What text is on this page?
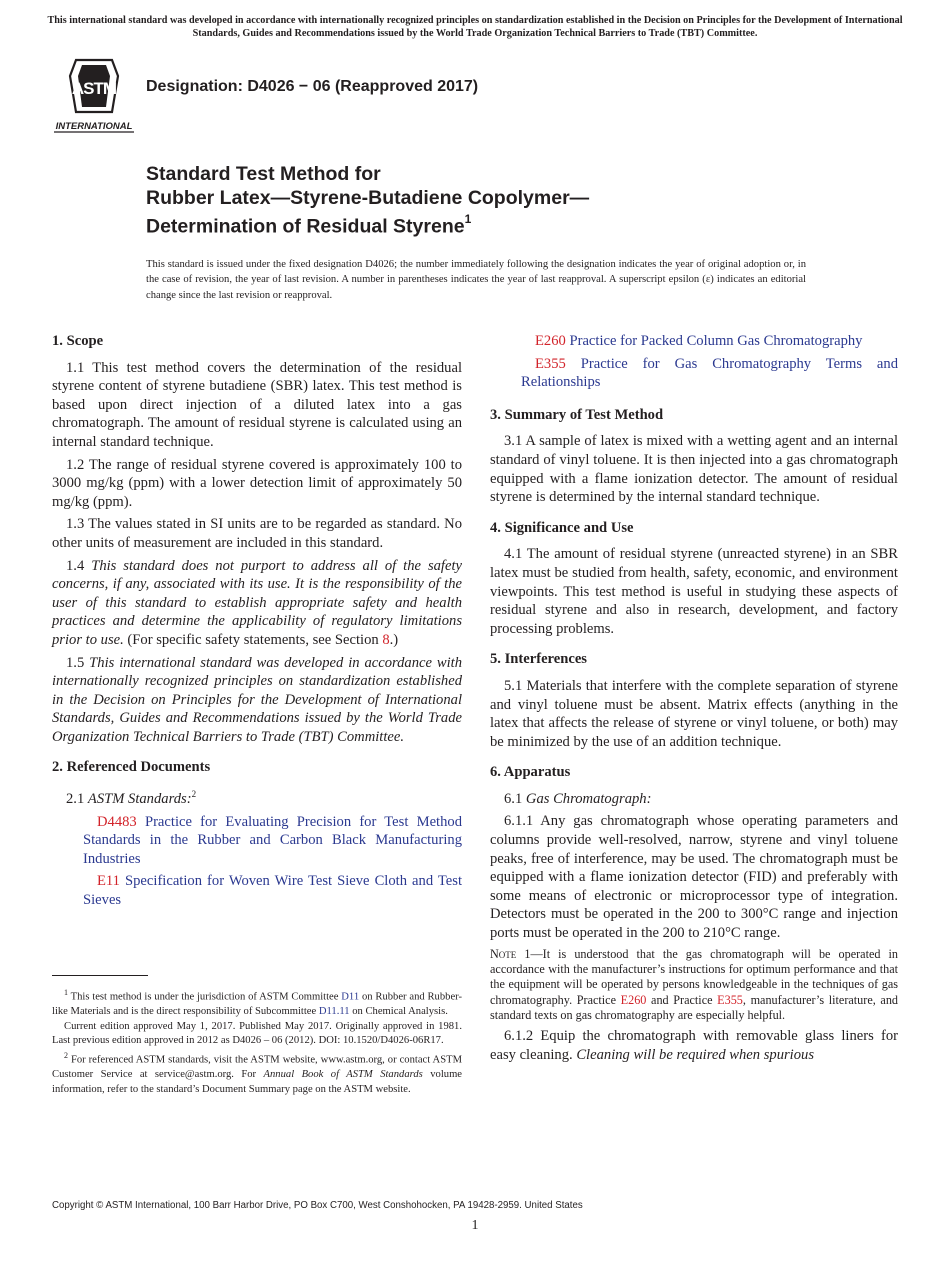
This international standard was developed in accordance with internationally recognized principles on standardization established in the Decision on Principles for the Development of International Standards, Guides and Recommendations issued by the World Trade Organization Technical Barriers to Trade (TBT) Committee.
ASTM
INTERNATIONAL
Designation: D4026 − 06 (Reapproved 2017)
Standard Test Method for
Rubber Latex—Styrene-Butadiene Copolymer—
Determination of Residual Styrene$^1$

This standard is issued under the fixed designation D4026; the number immediately following the designation indicates the year of original adoption or, in the case of revision, the year of last revision. A number in parentheses indicates the year of last reapproval. A superscript epsilon (ε) indicates an editorial change since the last revision or reapproval.

1. Scope

1.1 This test method covers the determination of the residual styrene content of styrene butadiene (SBR) latex. This test method is based upon direct injection of a diluted latex into a gas chromatograph. The amount of residual styrene is calculated using an internal standard technique.

1.2 The range of residual styrene covered is approximately 100 to 3000 mg/kg (ppm) with a lower detection limit of approximately 50 mg/kg (ppm).

1.3 The values stated in SI units are to be regarded as standard. No other units of measurement are included in this standard.

1.4 This standard does not purport to address all of the safety concerns, if any, associated with its use. It is the responsibility of the user of this standard to establish appropriate safety and health practices and determine the applicability of regulatory limitations prior to use. (For specific safety statements, see Section 8.)

1.5 This international standard was developed in accordance with internationally recognized principles on standardization established in the Decision on Principles for the Development of International Standards, Guides and Recommendations issued by the World Trade Organization Technical Barriers to Trade (TBT) Committee.

2. Referenced Documents

2.1 ASTM Standards:$^2$

D4483 Practice for Evaluating Precision for Test Method Standards in the Rubber and Carbon Black Manufacturing Industries

E11 Specification for Woven Wire Test Sieve Cloth and Test Sieves

$^1$ This test method is under the jurisdiction of ASTM Committee D11 on Rubber and Rubber-like Materials and is the direct responsibility of Subcommittee D11.11 on Chemical Analysis.

Current edition approved May 1, 2017. Published May 2017. Originally approved in 1981. Last previous edition approved in 2012 as D4026 – 06 (2012). DOI: 10.1520/D4026-06R17.

$^2$ For referenced ASTM standards, visit the ASTM website, www.astm.org, or contact ASTM Customer Service at service@astm.org. For Annual Book of ASTM Standards volume information, refer to the standard’s Document Summary page on the ASTM website.

E260 Practice for Packed Column Gas Chromatography

E355 Practice for Gas Chromatography Terms and Relationships

3. Summary of Test Method

3.1 A sample of latex is mixed with a wetting agent and an internal standard of vinyl toluene. It is then injected into a gas chromatograph equipped with a flame ionization detector. The amount of residual styrene is determined by the internal standard technique.

4. Significance and Use

4.1 The amount of residual styrene (unreacted styrene) in an SBR latex must be studied from health, safety, economic, and environment viewpoints. This test method is useful in studying these aspects of residual styrene and also in research, development, and factory processing problems.

5. Interferences

5.1 Materials that interfere with the complete separation of styrene and vinyl toluene must be absent. Matrix effects (anything in the latex that affects the release of styrene or vinyl toluene, or both) may be minimized by the use of an addition technique.

6. Apparatus

6.1 Gas Chromatograph:

6.1.1 Any gas chromatograph whose operating parameters and columns provide well-resolved, narrow, styrene and vinyl toluene peaks, free of interference, may be used. The chromatograph must be equipped with a flame ionization detector (FID) and preferably with some means of electronic or microprocessor type of integration. Detectors must be operated in the 200 to 300°C range and injection ports must be operated in the 200 to 210°C range.

Note 1—It is understood that the gas chromatograph will be operated in accordance with the manufacturer’s instructions for optimum performance and that the equipment will be operated by persons knowledgeable in the techniques of gas chromatography. Practice E260 and Practice E355, manufacturer’s literature, and standard texts on gas chromatography are especially helpful.

6.1.2 Equip the chromatograph with removable glass liners for easy cleaning. Cleaning will be required when spurious

Copyright © ASTM International, 100 Barr Harbor Drive, PO Box C700, West Conshohocken, PA 19428-2959. United States
1
